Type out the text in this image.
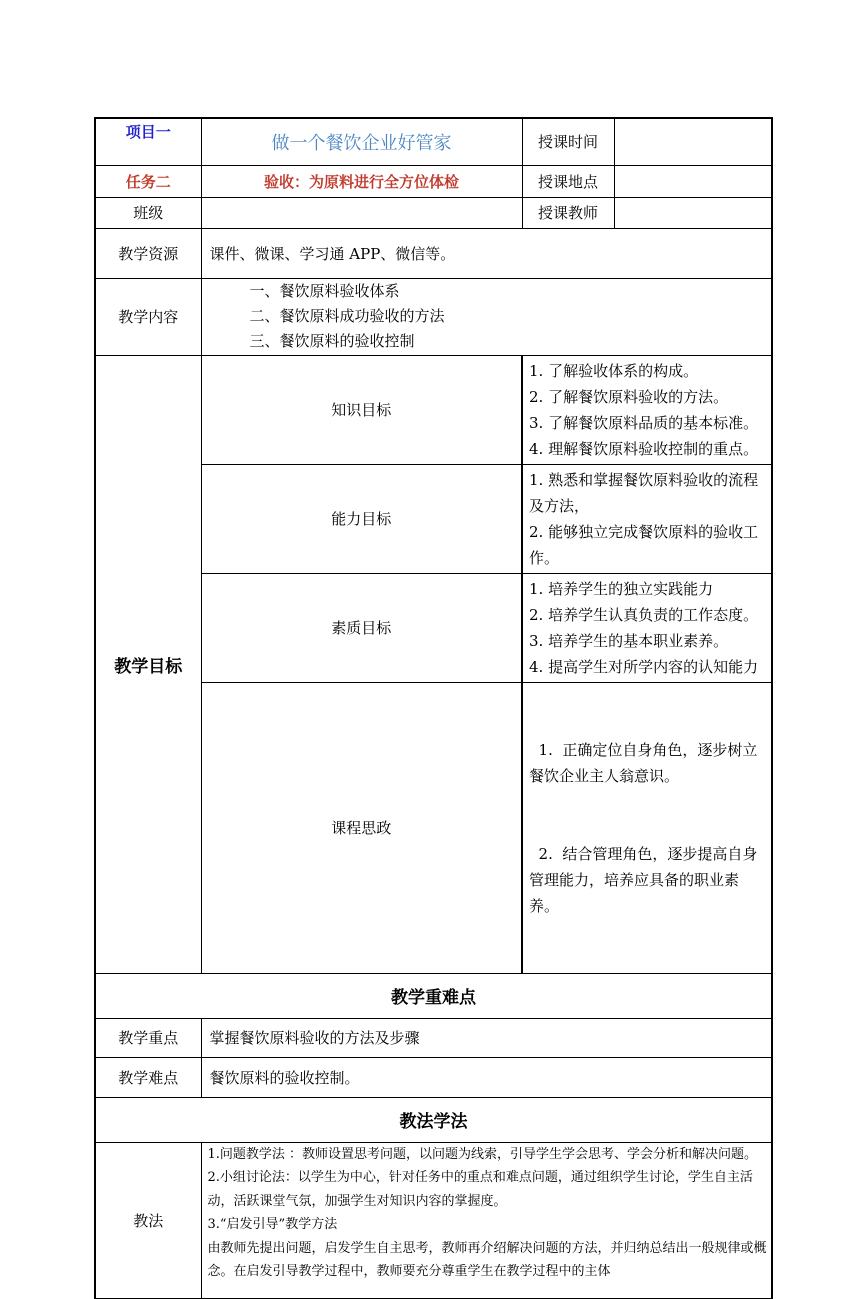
项目一	做一个餐饮企业好管家	授课时间	
任务二	验收：为原料进行全方位体检	授课地点	
班级		授课教师	
教学资源	课件、微课、学习通 APP、微信等。		
教学内容	一、餐饮原料验收体系
二、餐饮原料成功验收的方法
三、餐饮原料的验收控制		

教学目标	知识目标	1. 了解验收体系的构成。
2. 了解餐饮原料验收的方法。
3. 了解餐饮原料品质的基本标准。
4. 理解餐饮原料验收控制的重点。	

	能力目标	1. 熟悉和掌握餐饮原料验收的流程及方法，
2. 能够独立完成餐饮原料的验收工作。	

	素质目标	1. 培养学生的独立实践能力
2. 培养学生认真负责的工作态度。
3. 培养学生的基本职业素养。
4. 提高学生对所学内容的认知能力	

	课程思政	1.  正确定位自身角色，逐步树立餐饮企业主人翁意识。

2.  结合管理角色，逐步提高自身管理能力，培养应具备的职业素养。	

教学重难点			
教学重点	掌握餐饮原料验收的方法及步骤		
教学难点	餐饮原料的验收控制。		
教法学法			
教法	1.问题教学法 ：教师设置思考问题，以问题为线索，引导学生学会思考、学会分析和解决问题。
2.小组讨论法：以学生为中心，针对任务中的重点和难点问题，通过组织学生讨论，学生自主活动，活跃课堂气氛，加强学生对知识内容的掌握度。
3.“启发引导”教学方法
由教师先提出问题，启发学生自主思考，教师再介绍解决问题的方法，并归纳总结出一般规律或概念。在启发引导教学过程中，教师要充分尊重学生在教学过程中的主体		
